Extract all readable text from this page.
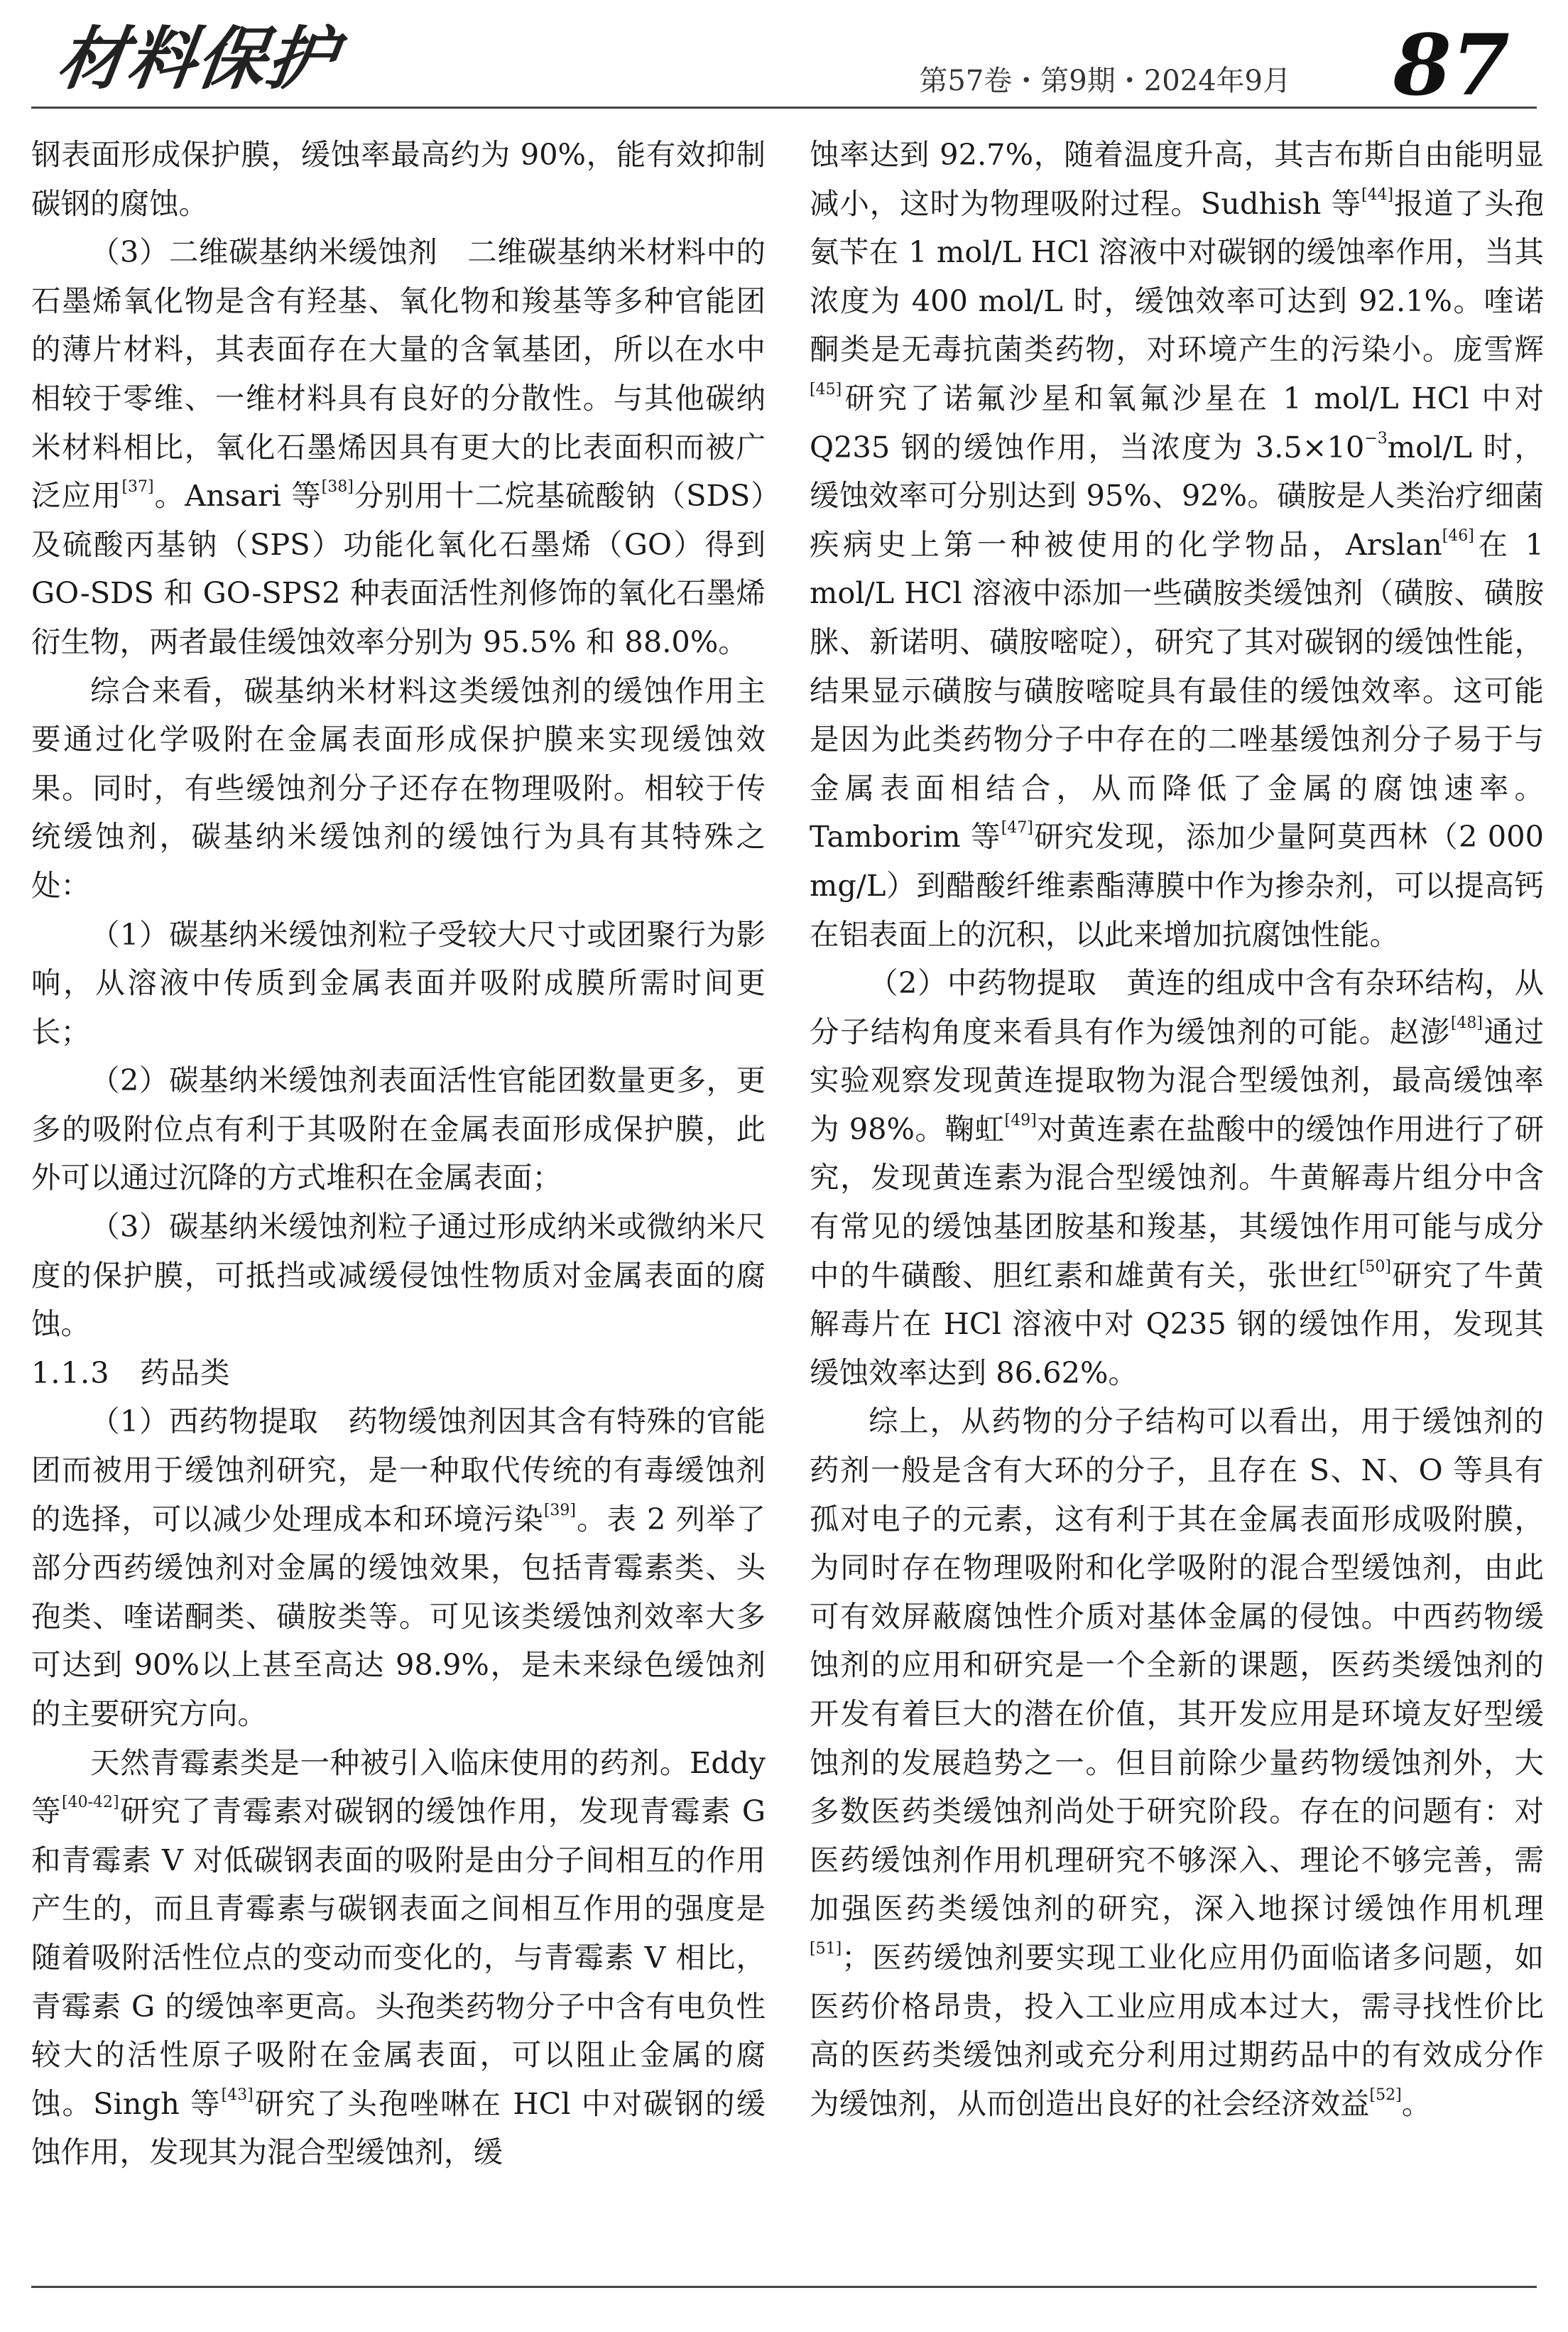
材料保护	第57卷・第9期・2024年9月 87

钢表面形成保护膜，缓蚀率最高约为 90%，能有效抑制碳钢的腐蚀。

（3）二维碳基纳米缓蚀剂　二维碳基纳米材料中的石墨烯氧化物是含有羟基、氧化物和羧基等多种官能团的薄片材料，其表面存在大量的含氧基团，所以在水中相较于零维、一维材料具有良好的分散性。与其他碳纳米材料相比，氧化石墨烯因具有更大的比表面积而被广泛应用[37]。Ansari 等[38]分别用十二烷基硫酸钠（SDS）及硫酸丙基钠（SPS）功能化氧化石墨烯（GO）得到 GO-SDS 和 GO-SPS2 种表面活性剂修饰的氧化石墨烯衍生物，两者最佳缓蚀效率分别为 95.5% 和 88.0%。

综合来看，碳基纳米材料这类缓蚀剂的缓蚀作用主要通过化学吸附在金属表面形成保护膜来实现缓蚀效果。同时，有些缓蚀剂分子还存在物理吸附。相较于传统缓蚀剂，碳基纳米缓蚀剂的缓蚀行为具有其特殊之处：

（1）碳基纳米缓蚀剂粒子受较大尺寸或团聚行为影响，从溶液中传质到金属表面并吸附成膜所需时间更长；

（2）碳基纳米缓蚀剂表面活性官能团数量更多，更多的吸附位点有利于其吸附在金属表面形成保护膜，此外可以通过沉降的方式堆积在金属表面；

（3）碳基纳米缓蚀剂粒子通过形成纳米或微纳米尺度的保护膜，可抵挡或减缓侵蚀性物质对金属表面的腐蚀。

1.1.3　药品类

（1）西药物提取　药物缓蚀剂因其含有特殊的官能团而被用于缓蚀剂研究，是一种取代传统的有毒缓蚀剂的选择，可以减少处理成本和环境污染[39]。表 2 列举了部分西药缓蚀剂对金属的缓蚀效果，包括青霉素类、头孢类、喹诺酮类、磺胺类等。可见该类缓蚀剂效率大多可达到 90%以上甚至高达 98.9%，是未来绿色缓蚀剂的主要研究方向。

天然青霉素类是一种被引入临床使用的药剂。Eddy 等[40-42]研究了青霉素对碳钢的缓蚀作用，发现青霉素 G 和青霉素 V 对低碳钢表面的吸附是由分子间相互的作用产生的，而且青霉素与碳钢表面之间相互作用的强度是随着吸附活性位点的变动而变化的，与青霉素 V 相比，青霉素 G 的缓蚀率更高。头孢类药物分子中含有电负性较大的活性原子吸附在金属表面，可以阻止金属的腐蚀。Singh 等[43]研究了头孢唑啉在 HCl 中对碳钢的缓蚀作用，发现其为混合型缓蚀剂，缓

蚀率达到 92.7%，随着温度升高，其吉布斯自由能明显减小，这时为物理吸附过程。Sudhish 等[44]报道了头孢氨苄在 1 mol/L HCl 溶液中对碳钢的缓蚀率作用，当其浓度为 400 mol/L 时，缓蚀效率可达到 92.1%。喹诺酮类是无毒抗菌类药物，对环境产生的污染小。庞雪辉[45]研究了诺氟沙星和氧氟沙星在 1 mol/L HCl 中对 Q235 钢的缓蚀作用，当浓度为 $3.5\times 10^{-3}mol/L$ 时，缓蚀效率可分别达到 95%、92%。磺胺是人类治疗细菌疾病史上第一种被使用的化学物品，Arslan[46]在 1 mol/L HCl 溶液中添加一些磺胺类缓蚀剂（磺胺、磺胺脒、新诺明、磺胺嘧啶），研究了其对碳钢的缓蚀性能，结果显示磺胺与磺胺嘧啶具有最佳的缓蚀效率。这可能是因为此类药物分子中存在的二唑基缓蚀剂分子易于与金属表面相结合，从而降低了金属的腐蚀速率。Tamborim 等[47]研究发现，添加少量阿莫西林（2 000 mg/L）到醋酸纤维素酯薄膜中作为掺杂剂，可以提高钙在铝表面上的沉积，以此来增加抗腐蚀性能。

（2）中药物提取　黄连的组成中含有杂环结构，从分子结构角度来看具有作为缓蚀剂的可能。赵澎[48]通过实验观察发现黄连提取物为混合型缓蚀剂，最高缓蚀率为 98%。鞠虹[49]对黄连素在盐酸中的缓蚀作用进行了研究，发现黄连素为混合型缓蚀剂。牛黄解毒片组分中含有常见的缓蚀基团胺基和羧基，其缓蚀作用可能与成分中的牛磺酸、胆红素和雄黄有关，张世红[50]研究了牛黄解毒片在 HCl 溶液中对 Q235 钢的缓蚀作用，发现其缓蚀效率达到 86.62%。

综上，从药物的分子结构可以看出，用于缓蚀剂的药剂一般是含有大环的分子，且存在 S、N、O 等具有孤对电子的元素，这有利于其在金属表面形成吸附膜，为同时存在物理吸附和化学吸附的混合型缓蚀剂，由此可有效屏蔽腐蚀性介质对基体金属的侵蚀。中西药物缓蚀剂的应用和研究是一个全新的课题，医药类缓蚀剂的开发有着巨大的潜在价值，其开发应用是环境友好型缓蚀剂的发展趋势之一。但目前除少量药物缓蚀剂外，大多数医药类缓蚀剂尚处于研究阶段。存在的问题有：对医药缓蚀剂作用机理研究不够深入、理论不够完善，需加强医药类缓蚀剂的研究，深入地探讨缓蚀作用机理[51]；医药缓蚀剂要实现工业化应用仍面临诸多问题，如医药价格昂贵，投入工业应用成本过大，需寻找性价比高的医药类缓蚀剂或充分利用过期药品中的有效成分作为缓蚀剂，从而创造出良好的社会经济效益[52]。
